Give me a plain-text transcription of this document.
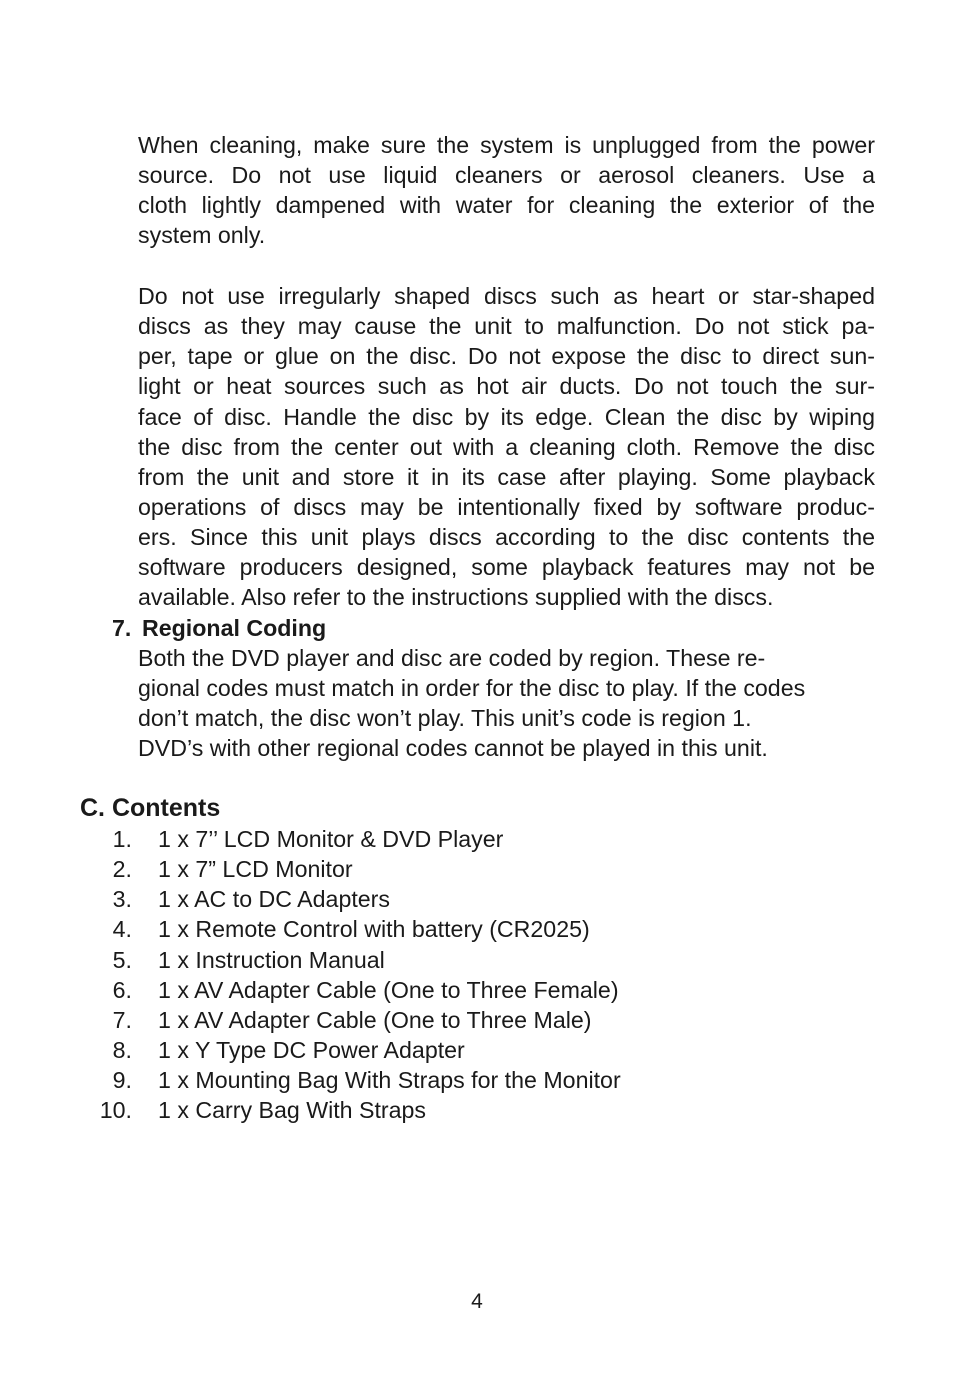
When cleaning, make sure the system is unplugged from the power
source. Do not use liquid cleaners or aerosol cleaners. Use a
cloth lightly dampened with water for cleaning the exterior of the
system only.
Do not use irregularly shaped discs such as heart or star-shaped
discs as they may cause the unit to malfunction. Do not stick pa-
per, tape or glue on the disc. Do not expose the disc to direct sun-
light or heat sources such as hot air ducts. Do not touch the sur-
face of disc. Handle the disc by its edge. Clean the disc by wiping
the disc from the center out with a cleaning cloth. Remove the disc
from the unit and store it in its case after playing. Some playback
operations of discs may be intentionally fixed by software produc-
ers. Since this unit plays discs according to the disc contents the
software producers designed, some playback features may not be
available. Also refer to the instructions supplied with the discs.
7. Regional Coding
Both the DVD player and disc are coded by region. These re-
gional codes must match in order for the disc to play. If the codes
don’t match, the disc won’t play. This unit’s code is region 1.
DVD’s with other regional codes cannot be played in this unit.
C. Contents
1. 1 x 7’’ LCD Monitor & DVD Player
2. 1 x 7” LCD Monitor
3. 1 x AC to DC Adapters
4. 1 x Remote Control with battery (CR2025)
5. 1 x Instruction Manual
6. 1 x AV Adapter Cable (One to Three Female)
7. 1 x AV Adapter Cable (One to Three Male)
8. 1 x Y Type DC Power Adapter
9. 1 x Mounting Bag With Straps for the Monitor
10. 1 x Carry Bag With Straps
4
